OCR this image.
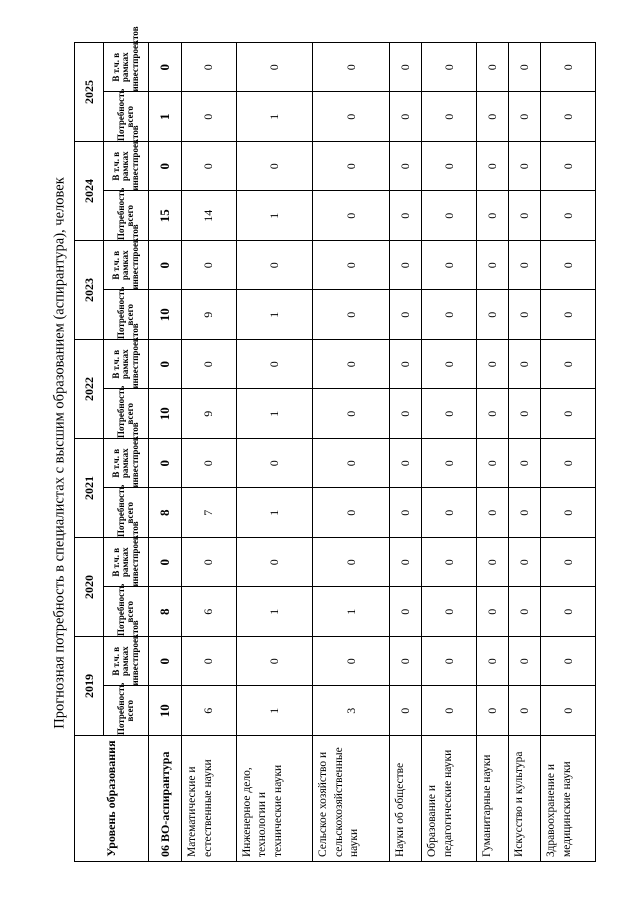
Прогнозная потребность в специалистах с высшим образованием (аспирантура), человек
Уровень образования	2019		2020		2021		2022		2023		2024		2025	
	Потребность всего	В т.ч. в рамках инвестпроектов	Потребность всего	В т.ч. в рамках инвестпроектов	Потребность всего	В т.ч. в рамках инвестпроектов	Потребность всего	В т.ч. в рамках инвестпроектов	Потребность всего	В т.ч. в рамках инвестпроектов	Потребность всего	В т.ч. в рамках инвестпроектов	Потребность всего	В т.ч. в рамках инвестпроектов
06 ВО-аспирантура	10	0	8	0	8	0	10	0	10	0	15	0	1	0
Математические и естественные науки	6	0	6	0	7	0	9	0	9	0	14	0	0	0
Инженерное дело, технологии и технические науки	1	0	1	0	1	0	1	0	1	0	1	0	1	0
Сельское хозяйство и сельскохозяйственные науки	3	0	1	0	0	0	0	0	0	0	0	0	0	0
Науки об обществе	0	0	0	0	0	0	0	0	0	0	0	0	0	0
Образование и педагогические науки	0	0	0	0	0	0	0	0	0	0	0	0	0	0
Гуманитарные науки	0	0	0	0	0	0	0	0	0	0	0	0	0	0
Искусство и культура	0	0	0	0	0	0	0	0	0	0	0	0	0	0
Здравоохранение и медицинские науки	0	0	0	0	0	0	0	0	0	0	0	0	0	0
